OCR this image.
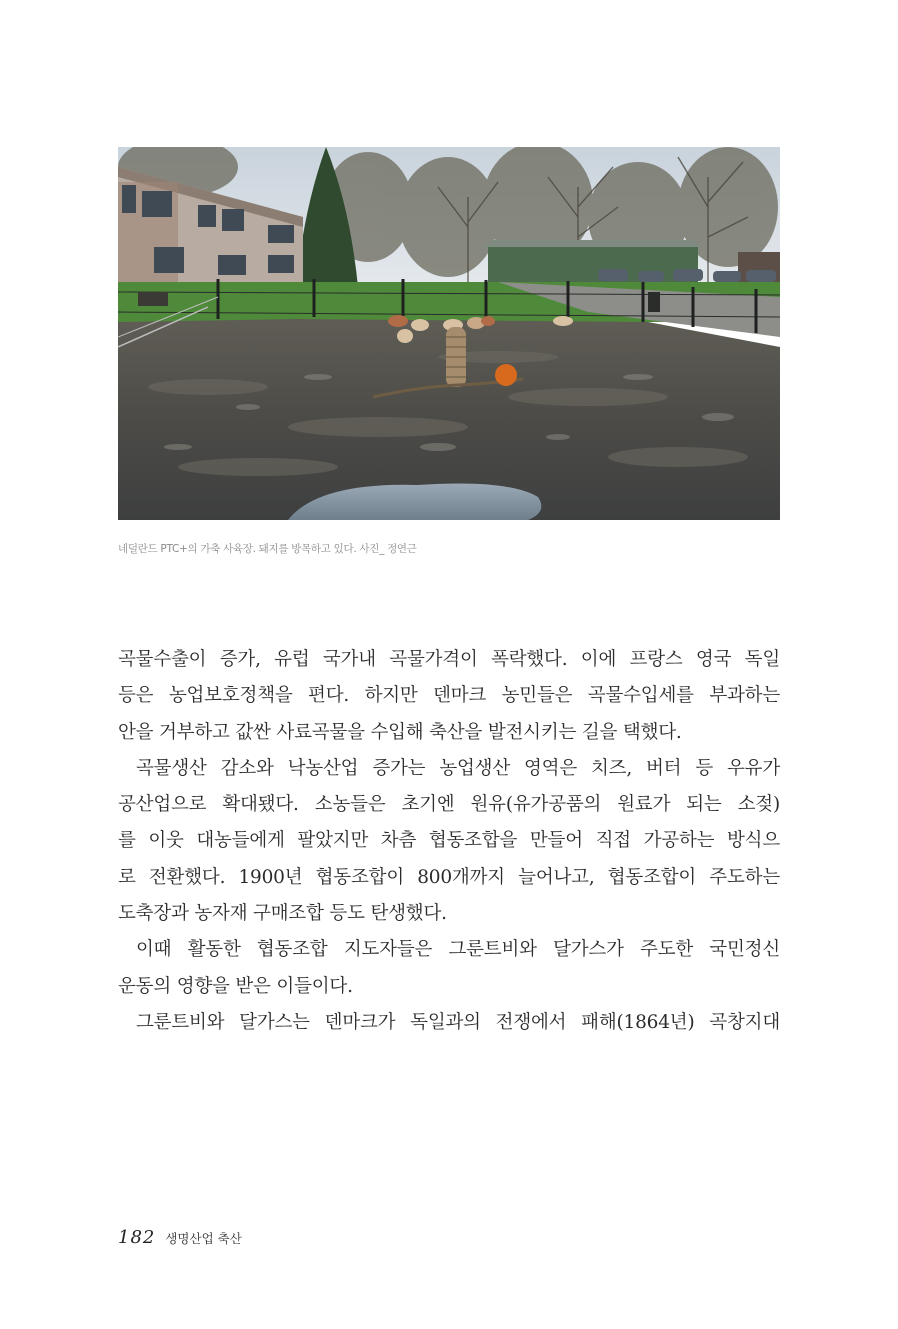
네덜란드 PTC+의 가축 사육장. 돼지를 방목하고 있다. 사진_ 정연근
곡물수출이 증가, 유럽 국가내 곡물가격이 폭락했다. 이에 프랑스 영국 독일
등은 농업보호정책을 편다. 하지만 덴마크 농민들은 곡물수입세를 부과하는
안을 거부하고 값싼 사료곡물을 수입해 축산을 발전시키는 길을 택했다.
곡물생산 감소와 낙농산업 증가는 농업생산 영역은 치즈, 버터 등 우유가
공산업으로 확대됐다. 소농들은 초기엔 원유(유가공품의 원료가 되는 소젖)
를 이웃 대농들에게 팔았지만 차츰 협동조합을 만들어 직접 가공하는 방식으
로 전환했다. 1900년 협동조합이 800개까지 늘어나고, 협동조합이 주도하는
도축장과 농자재 구매조합 등도 탄생했다.
이때 활동한 협동조합 지도자들은 그룬트비와 달가스가 주도한 국민정신
운동의 영향을 받은 이들이다.
그룬트비와 달가스는 덴마크가 독일과의 전쟁에서 패해(1864년) 곡창지대
182 생명산업 축산
